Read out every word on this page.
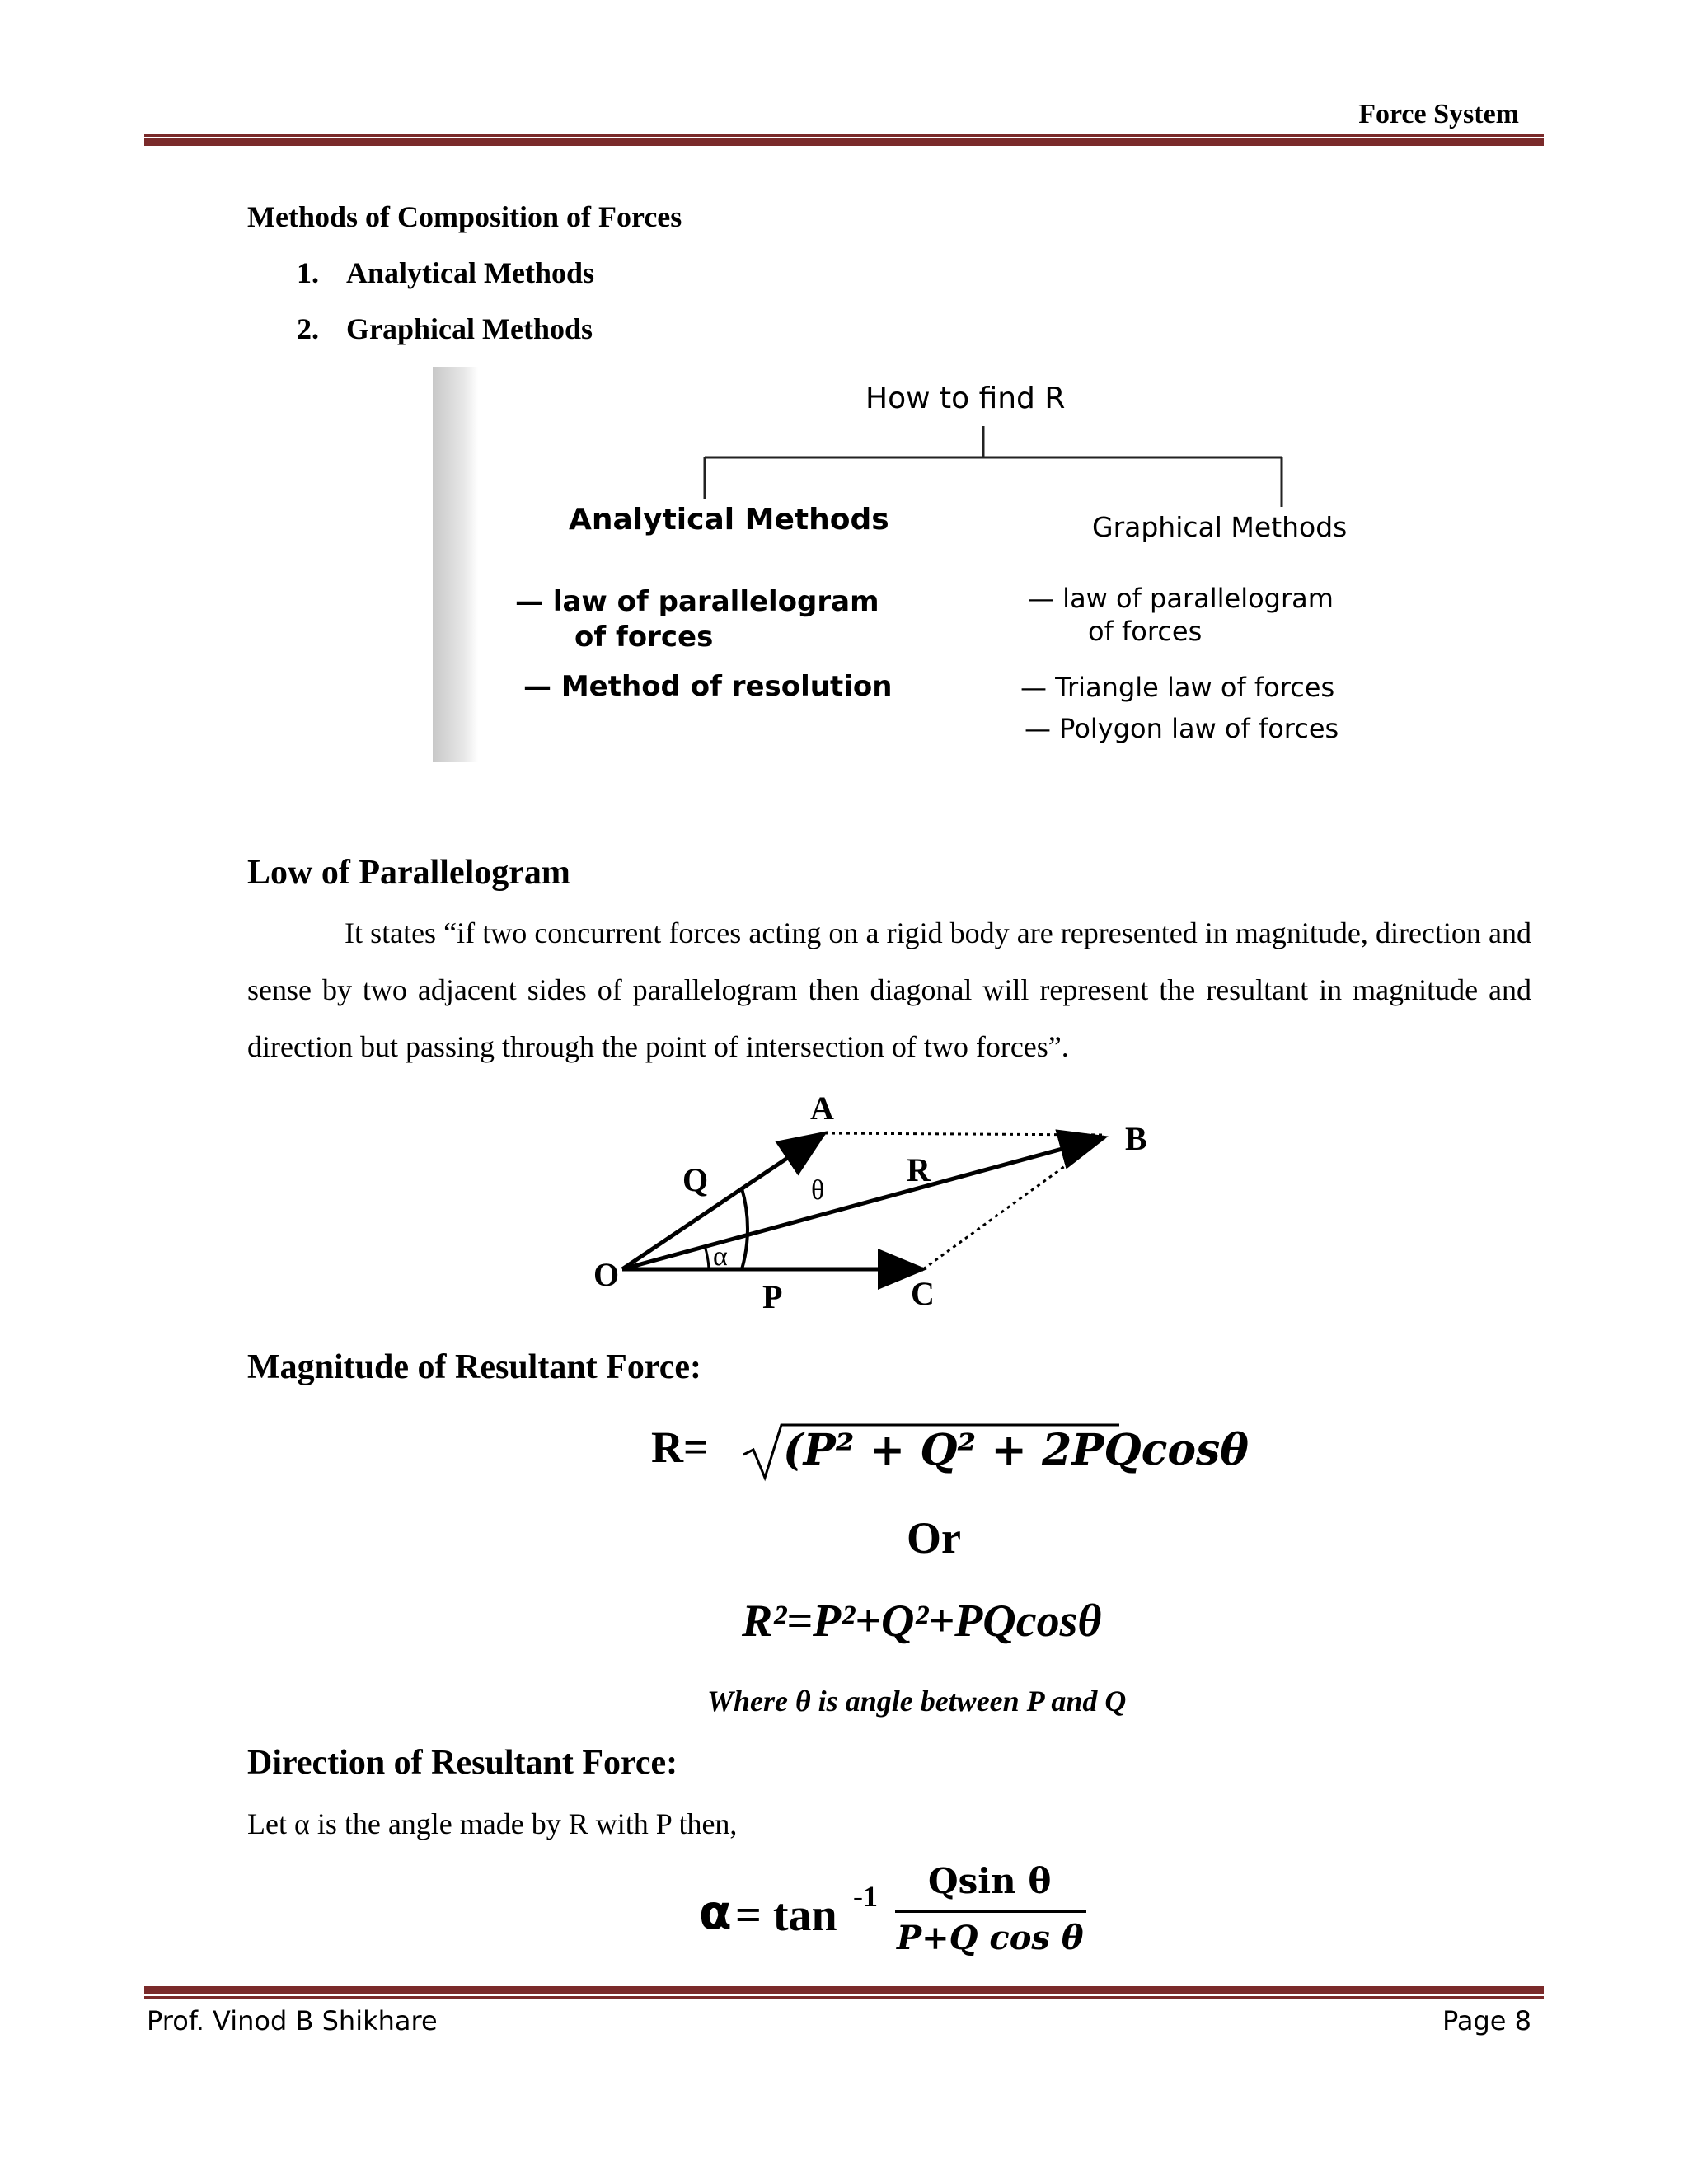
Force System
Methods of Composition of Forces
1. Analytical Methods
2. Graphical Methods
How to find R
Analytical Methods
— law of parallelogram
of forces
— Method of resolution
Graphical Methods
— law of parallelogram
of forces
— Triangle law of forces
— Polygon law of forces
Low of Parallelogram
It states “if two concurrent forces acting on a rigid body are represented in magnitude, direction and sense by two adjacent sides of parallelogram then diagonal will represent the resultant in magnitude and direction but passing through the point of intersection of two forces”.
O
A
B
C
P
Q	R
θ
α
Magnitude of Resultant Force:
R= (P² + Q² + 2PQcosθ
Or
R²=P²+Q²+PQcosθ
Where θ is angle between P and Q
Direction of Resultant Force:
Let α is the angle made by R with P then,
α = tan -1 Qsin θ
P+Q cos θ
Prof. Vinod B Shikhare	Page 8
